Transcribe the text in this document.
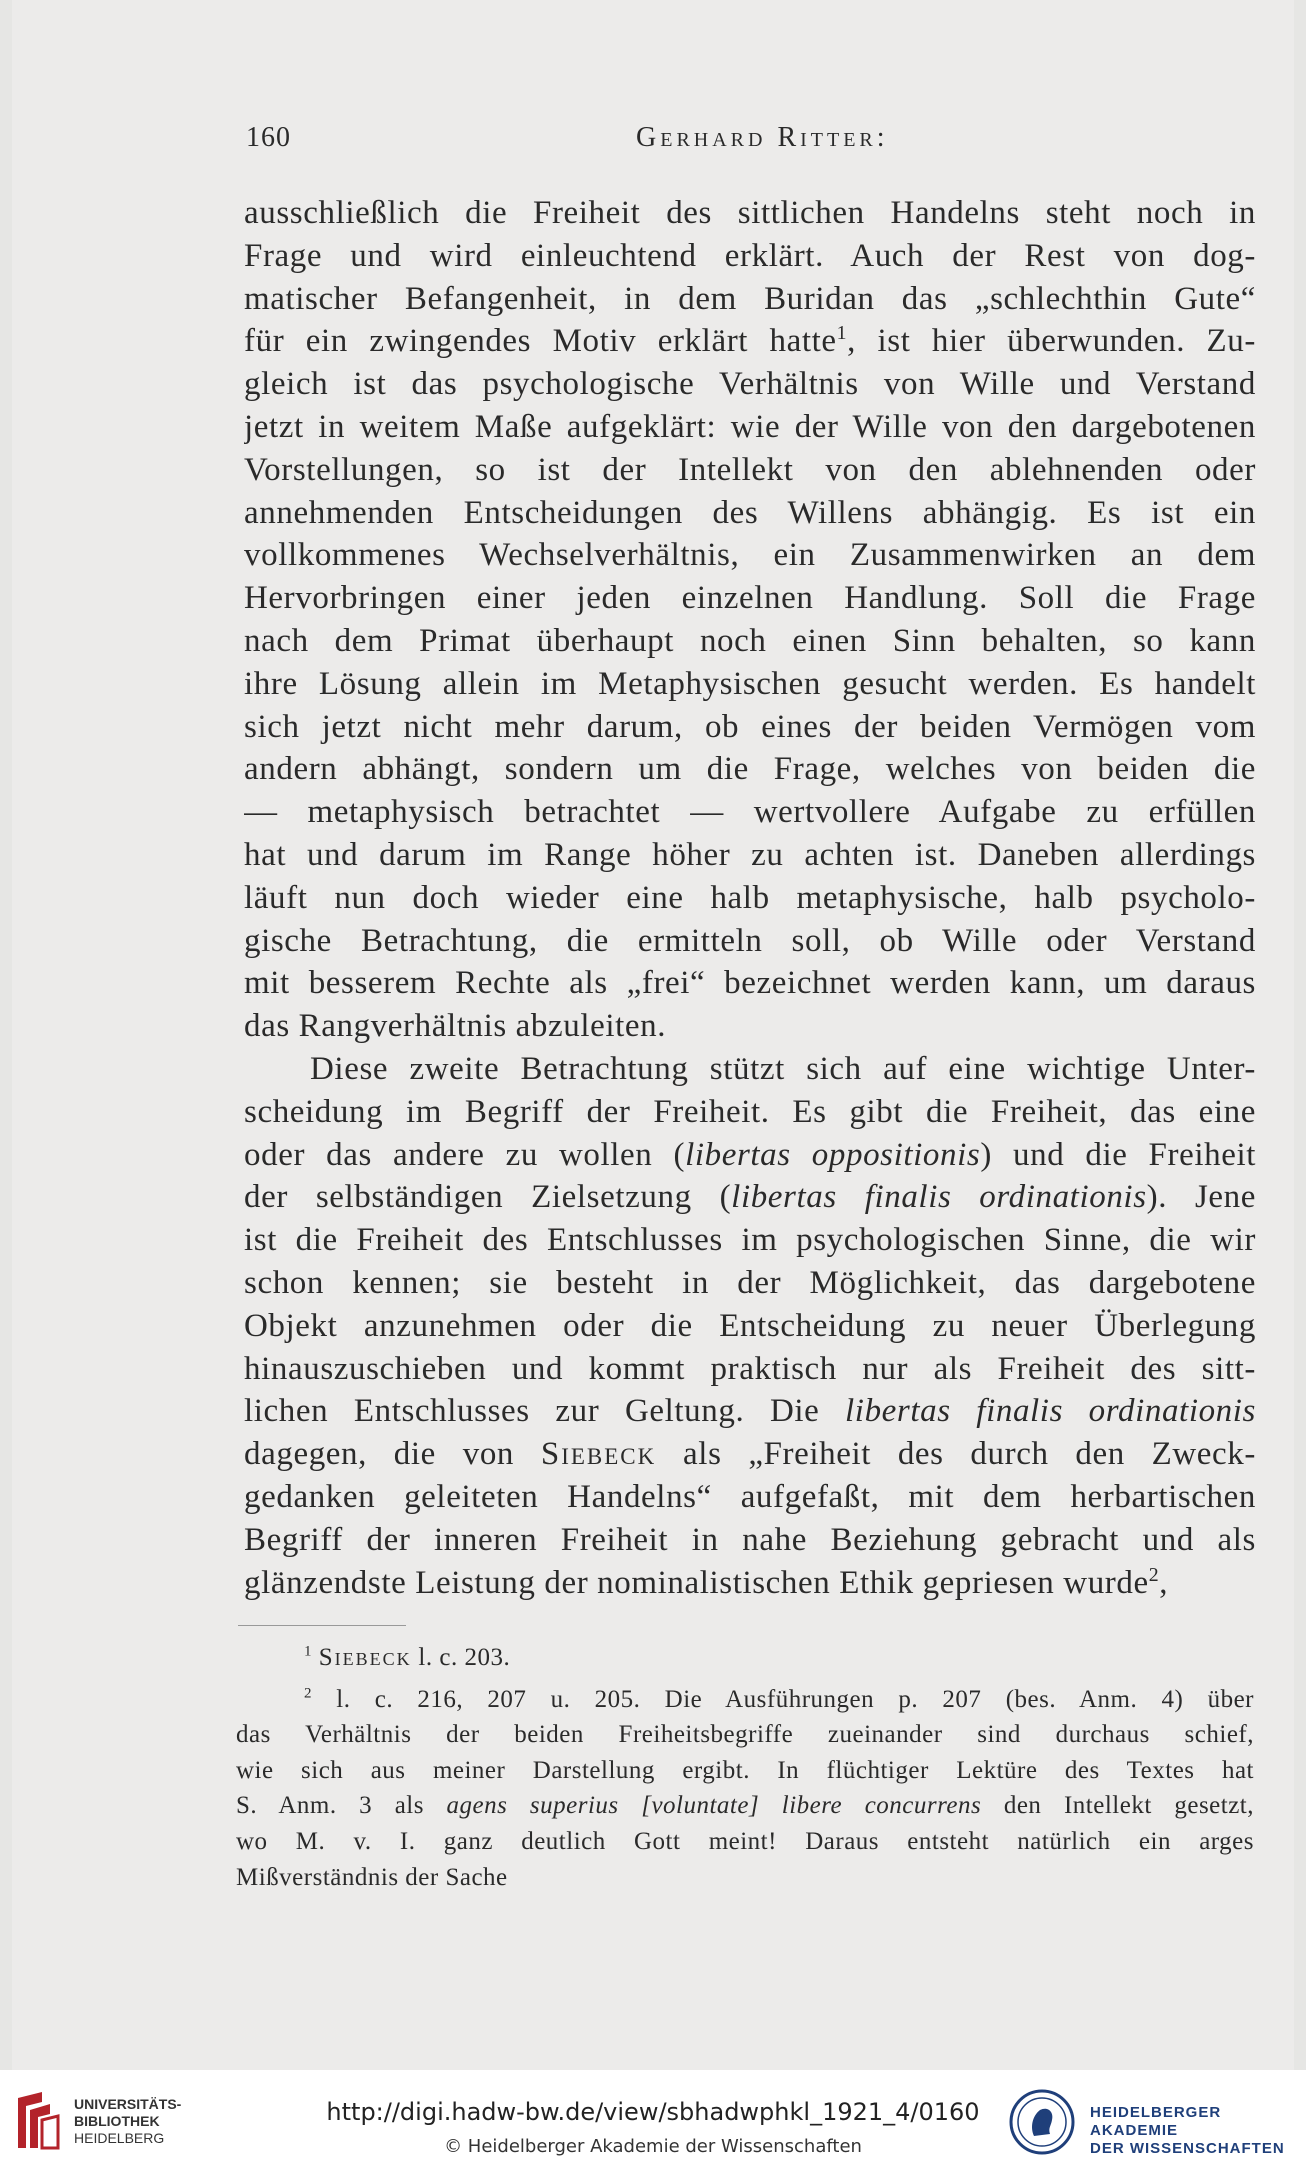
160	Gerhard Ritter:
ausschließlich die Freiheit des sittlichen Handelns steht noch in
Frage und wird einleuchtend erklärt. Auch der Rest von dog-
matischer Befangenheit, in dem Buridan das „schlechthin Gute“
für ein zwingendes Motiv erklärt hatte$^1$, ist hier überwunden. Zu-
gleich ist das psychologische Verhältnis von Wille und Verstand
jetzt in weitem Maße aufgeklärt: wie der Wille von den dargebotenen
Vorstellungen, so ist der Intellekt von den ablehnenden oder
annehmenden Entscheidungen des Willens abhängig. Es ist ein
vollkommenes Wechselverhältnis, ein Zusammenwirken an dem
Hervorbringen einer jeden einzelnen Handlung. Soll die Frage
nach dem Primat überhaupt noch einen Sinn behalten, so kann
ihre Lösung allein im Metaphysischen gesucht werden. Es handelt
sich jetzt nicht mehr darum, ob eines der beiden Vermögen vom
andern abhängt, sondern um die Frage, welches von beiden die
— metaphysisch betrachtet — wertvollere Aufgabe zu erfüllen
hat und darum im Range höher zu achten ist. Daneben allerdings
läuft nun doch wieder eine halb metaphysische, halb psycholo-
gische Betrachtung, die ermitteln soll, ob Wille oder Verstand
mit besserem Rechte als „frei“ bezeichnet werden kann, um daraus
das Rangverhältnis abzuleiten.
Diese zweite Betrachtung stützt sich auf eine wichtige Unter-
scheidung im Begriff der Freiheit. Es gibt die Freiheit, das eine
oder das andere zu wollen (libertas oppositionis) und die Freiheit
der selbständigen Zielsetzung (libertas finalis ordinationis). Jene
ist die Freiheit des Entschlusses im psychologischen Sinne, die wir
schon kennen; sie besteht in der Möglichkeit, das dargebotene
Objekt anzunehmen oder die Entscheidung zu neuer Überlegung
hinauszuschieben und kommt praktisch nur als Freiheit des sitt-
lichen Entschlusses zur Geltung. Die libertas finalis ordinationis
dagegen, die von Siebeck als „Freiheit des durch den Zweck-
gedanken geleiteten Handelns“ aufgefaßt, mit dem herbartischen
Begriff der inneren Freiheit in nahe Beziehung gebracht und als
glänzendste Leistung der nominalistischen Ethik gepriesen wurde$^2$,
$^1$ Siebeck l. c. 203.
$^2$ l. c. 216, 207 u. 205. Die Ausführungen p. 207 (bes. Anm. 4) über
das Verhältnis der beiden Freiheitsbegriffe zueinander sind durchaus schief,
wie sich aus meiner Darstellung ergibt. In flüchtiger Lektüre des Textes hat
S. Anm. 3 als agens superius [voluntate] libere concurrens den Intellekt gesetzt,
wo M. v. I. ganz deutlich Gott meint! Daraus entsteht natürlich ein arges
Mißverständnis der Sache
UNIVERSITÄTS-
BIBLIOTHEK
HEIDELBERG
http://digi.hadw-bw.de/view/sbhadwphkl_1921_4/0160
© Heidelberger Akademie der Wissenschaften
HEIDELBERGER AKADEMIE
DER WISSENSCHAFTEN
